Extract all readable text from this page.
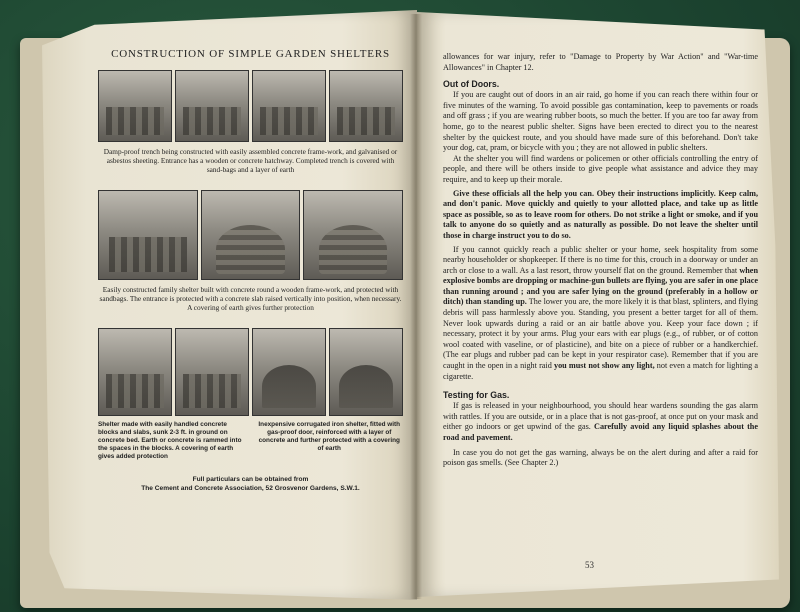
CONSTRUCTION OF SIMPLE GARDEN SHELTERS

Damp-proof trench being constructed with easily assembled concrete frame-work, and galvanised or asbestos sheeting. Entrance has a wooden or concrete hatchway. Completed trench is covered with sand-bags and a layer of earth

Easily constructed family shelter built with concrete round a wooden frame-work, and protected with sandbags. The entrance is protected with a concrete slab raised vertically into position, when necessary. A covering of earth gives further protection

Shelter made with easily handled concrete blocks and slabs, sunk 2-3 ft. in ground on concrete bed. Earth or concrete is rammed into the spaces in the blocks. A covering of earth gives added protection
Inexpensive corrugated iron shelter, fitted with gas-proof door, reinforced with a layer of concrete and further protected with a covering of earth
Full particulars can be obtained from
The Cement and Concrete Association, 52 Grosvenor Gardens, S.W.1.

allowances for war injury, refer to "Damage to Property by War Action" and "War-time Allowances" in Chapter 12.

Out of Doors.

If you are caught out of doors in an air raid, go home if you can reach there within four or five minutes of the warning. To avoid possible gas contamination, keep to pavements or roads and off grass ; if you are wearing rubber boots, so much the better. If you are too far away from home, go to the nearest public shelter. Signs have been erected to direct you to the nearest shelter by the quickest route, and you should have made sure of this beforehand. Don't take your dog, cat, pram, or bicycle with you ; they are not allowed in public shelters.

At the shelter you will find wardens or policemen or other officials controlling the entry of people, and there will be others inside to give people what assistance and advice they may require, and to keep up their morale.

Give these officials all the help you can. Obey their instructions implicitly. Keep calm, and don't panic. Move quickly and quietly to your allotted place, and take up as little space as possible, so as to leave room for others. Do not strike a light or smoke, and if you talk to anyone do so quietly and as naturally as possible. Do not leave the shelter until those in charge instruct you to do so.

If you cannot quickly reach a public shelter or your home, seek hospitality from some nearby householder or shopkeeper. If there is no time for this, crouch in a doorway or under an arch or close to a wall. As a last resort, throw yourself flat on the ground. Remember that when explosive bombs are dropping or machine-gun bullets are flying, you are safer in one place than running around ; and you are safer lying on the ground (preferably in a hollow or ditch) than standing up. The lower you are, the more likely it is that blast, splinters, and flying debris will pass harmlessly above you. Standing, you present a better target for all of them. Never look upwards during a raid or an air battle above you. Keep your face down ; if necessary, protect it by your arms. Plug your ears with ear plugs (e.g., of rubber, or of cotton wool coated with vaseline, or of plasticine), and bite on a piece of rubber or a handkerchief. (The ear plugs and rubber pad can be kept in your respirator case). Remember that if you are caught in the open in a night raid you must not show any light, not even a match for lighting a cigarette.

Testing for Gas.

If gas is released in your neighbourhood, you should hear wardens sounding the gas alarm with rattles. If you are outside, or in a place that is not gas-proof, at once put on your mask and either go indoors or get upwind of the gas. Carefully avoid any liquid splashes about the road and pavement.

In case you do not get the gas warning, always be on the alert during and after a raid for poison gas smells. (See Chapter 2.)

53
